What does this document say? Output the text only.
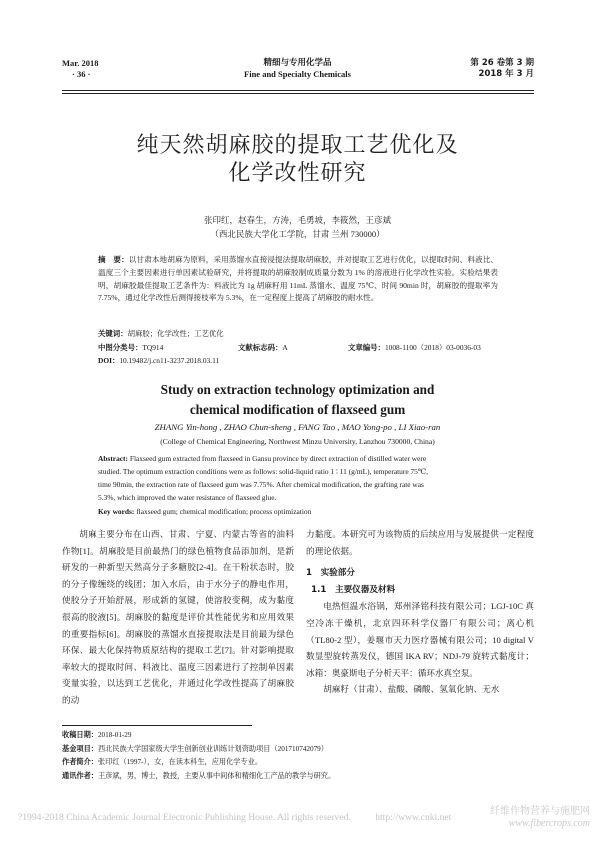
Mar. 2018
· 36 ·
精细与专用化学品
Fine and Specialty Chemicals
第 26 卷第 3 期
2018 年 3 月
纯天然胡麻胶的提取工艺优化及
化学改性研究
张印红，赵春生，方涛，毛勇坡，李筱然，王彦斌
（西北民族大学化工学院，甘肃 兰州 730000）
摘　要：以甘肃本地胡麻为原料，采用蒸馏水直接浸提法提取胡麻胶，并对提取工艺进行优化，以提取时间、料液比、温度三个主要因素进行单因素试验研究，并将提取的胡麻胶制成质量分数为 1% 的溶液进行化学改性实验。实验结果表明，胡麻胶最佳提取工艺条件为：料液比为 1g 胡麻籽用 11mL 蒸馏水、温度 75℃、时间 90min 时，胡麻胶的提取率为 7.75%，通过化学改性后测得接枝率为 5.3%，在一定程度上提高了胡麻胶的耐水性。
关键词：胡麻胶；化学改性；工艺优化
中图分类号：TQ914	文献标志码：A	文章编号：1008-1100（2018）03-0036-03
DOI：10.19482/j.cn11-3237.2018.03.11
Study on extraction technology optimization and
chemical modification of flaxseed gum
ZHANG Yin-hong , ZHAO Chun-sheng , FANG Tao , MAO Yong-po , LI Xiao-ran
(College of Chemical Engineering, Northwest Minzu University, Lanzhou 730000, China)
Abstract: Flaxseed gum extracted from flaxseed in Gansu province by direct extraction of distilled water were
studied. The optimum extraction conditions were as follows: solid-liquid ratio 1 ∶ 11 (g/mL), temperature 75℃,
time 90min, the extraction rate of flaxseed gum was 7.75%. After chemical modification, the grafting rate was
5.3%, which improved the water resistance of flaxseed glue.
Key words: flaxseed gum; chemical modification; process optimization

胡麻主要分布在山西、甘肃、宁夏、内蒙古等省的油料作物[1]。胡麻胶是目前最热门的绿色植物食品添加剂，是新研发的一种新型天然高分子多糖胶[2-4]。在干粉状态时，胶的分子像缠绕的线团；加入水后，由于水分子的静电作用，使胶分子开始舒展，形成新的氢键，使溶胶变稠，成为黏度很高的胶液[5]。胡麻胶的黏度是评价其性能优劣和应用效果的重要指标[6]。胡麻胶的蒸馏水直接提取法是目前最为绿色环保、最大化保持物质原结构的提取工艺[7]。针对影响提取率较大的提取时间、料液比、温度三因素进行了控制单因素变量实验，以达到工艺优化，并通过化学改性提高了胡麻胶的动

力黏度。本研究可为该物质的后续应用与发展提供一定程度的理论依据。

1　实验部分
1.1　主要仪器及材料

电热恒温水浴锅，郑州泽铭科技有限公司；LGJ-10C 真空冷冻干燥机，北京四环科学仪器厂有限公司；离心机（TL80-2 型），姜堰市天力医疗器械有限公司；10 digital V 数显型旋转蒸发仪，德国 IKA RV；NDJ-79 旋转式黏度计；冰箱：奥豪斯电子分析天平：循环水真空泵。

胡麻籽（甘肃）、盐酸、磷酸、氢氧化钠、无水

收稿日期：2018-01-29
基金项目：西北民族大学国家级大学生创新创业训练计划资助项目（201710742079）
作者简介：张印红（1997-），女，在读本科生，应用化学专业。
通讯作者：王彦斌，男，博士，教授，主要从事中间体和精细化工产品的教学与研究。
?1994-2018 China Academic Journal Electronic Publishing House. All rights reserved.	http://www.cnki.net
纤维作物营养与施肥网
www.fibercrops.com
